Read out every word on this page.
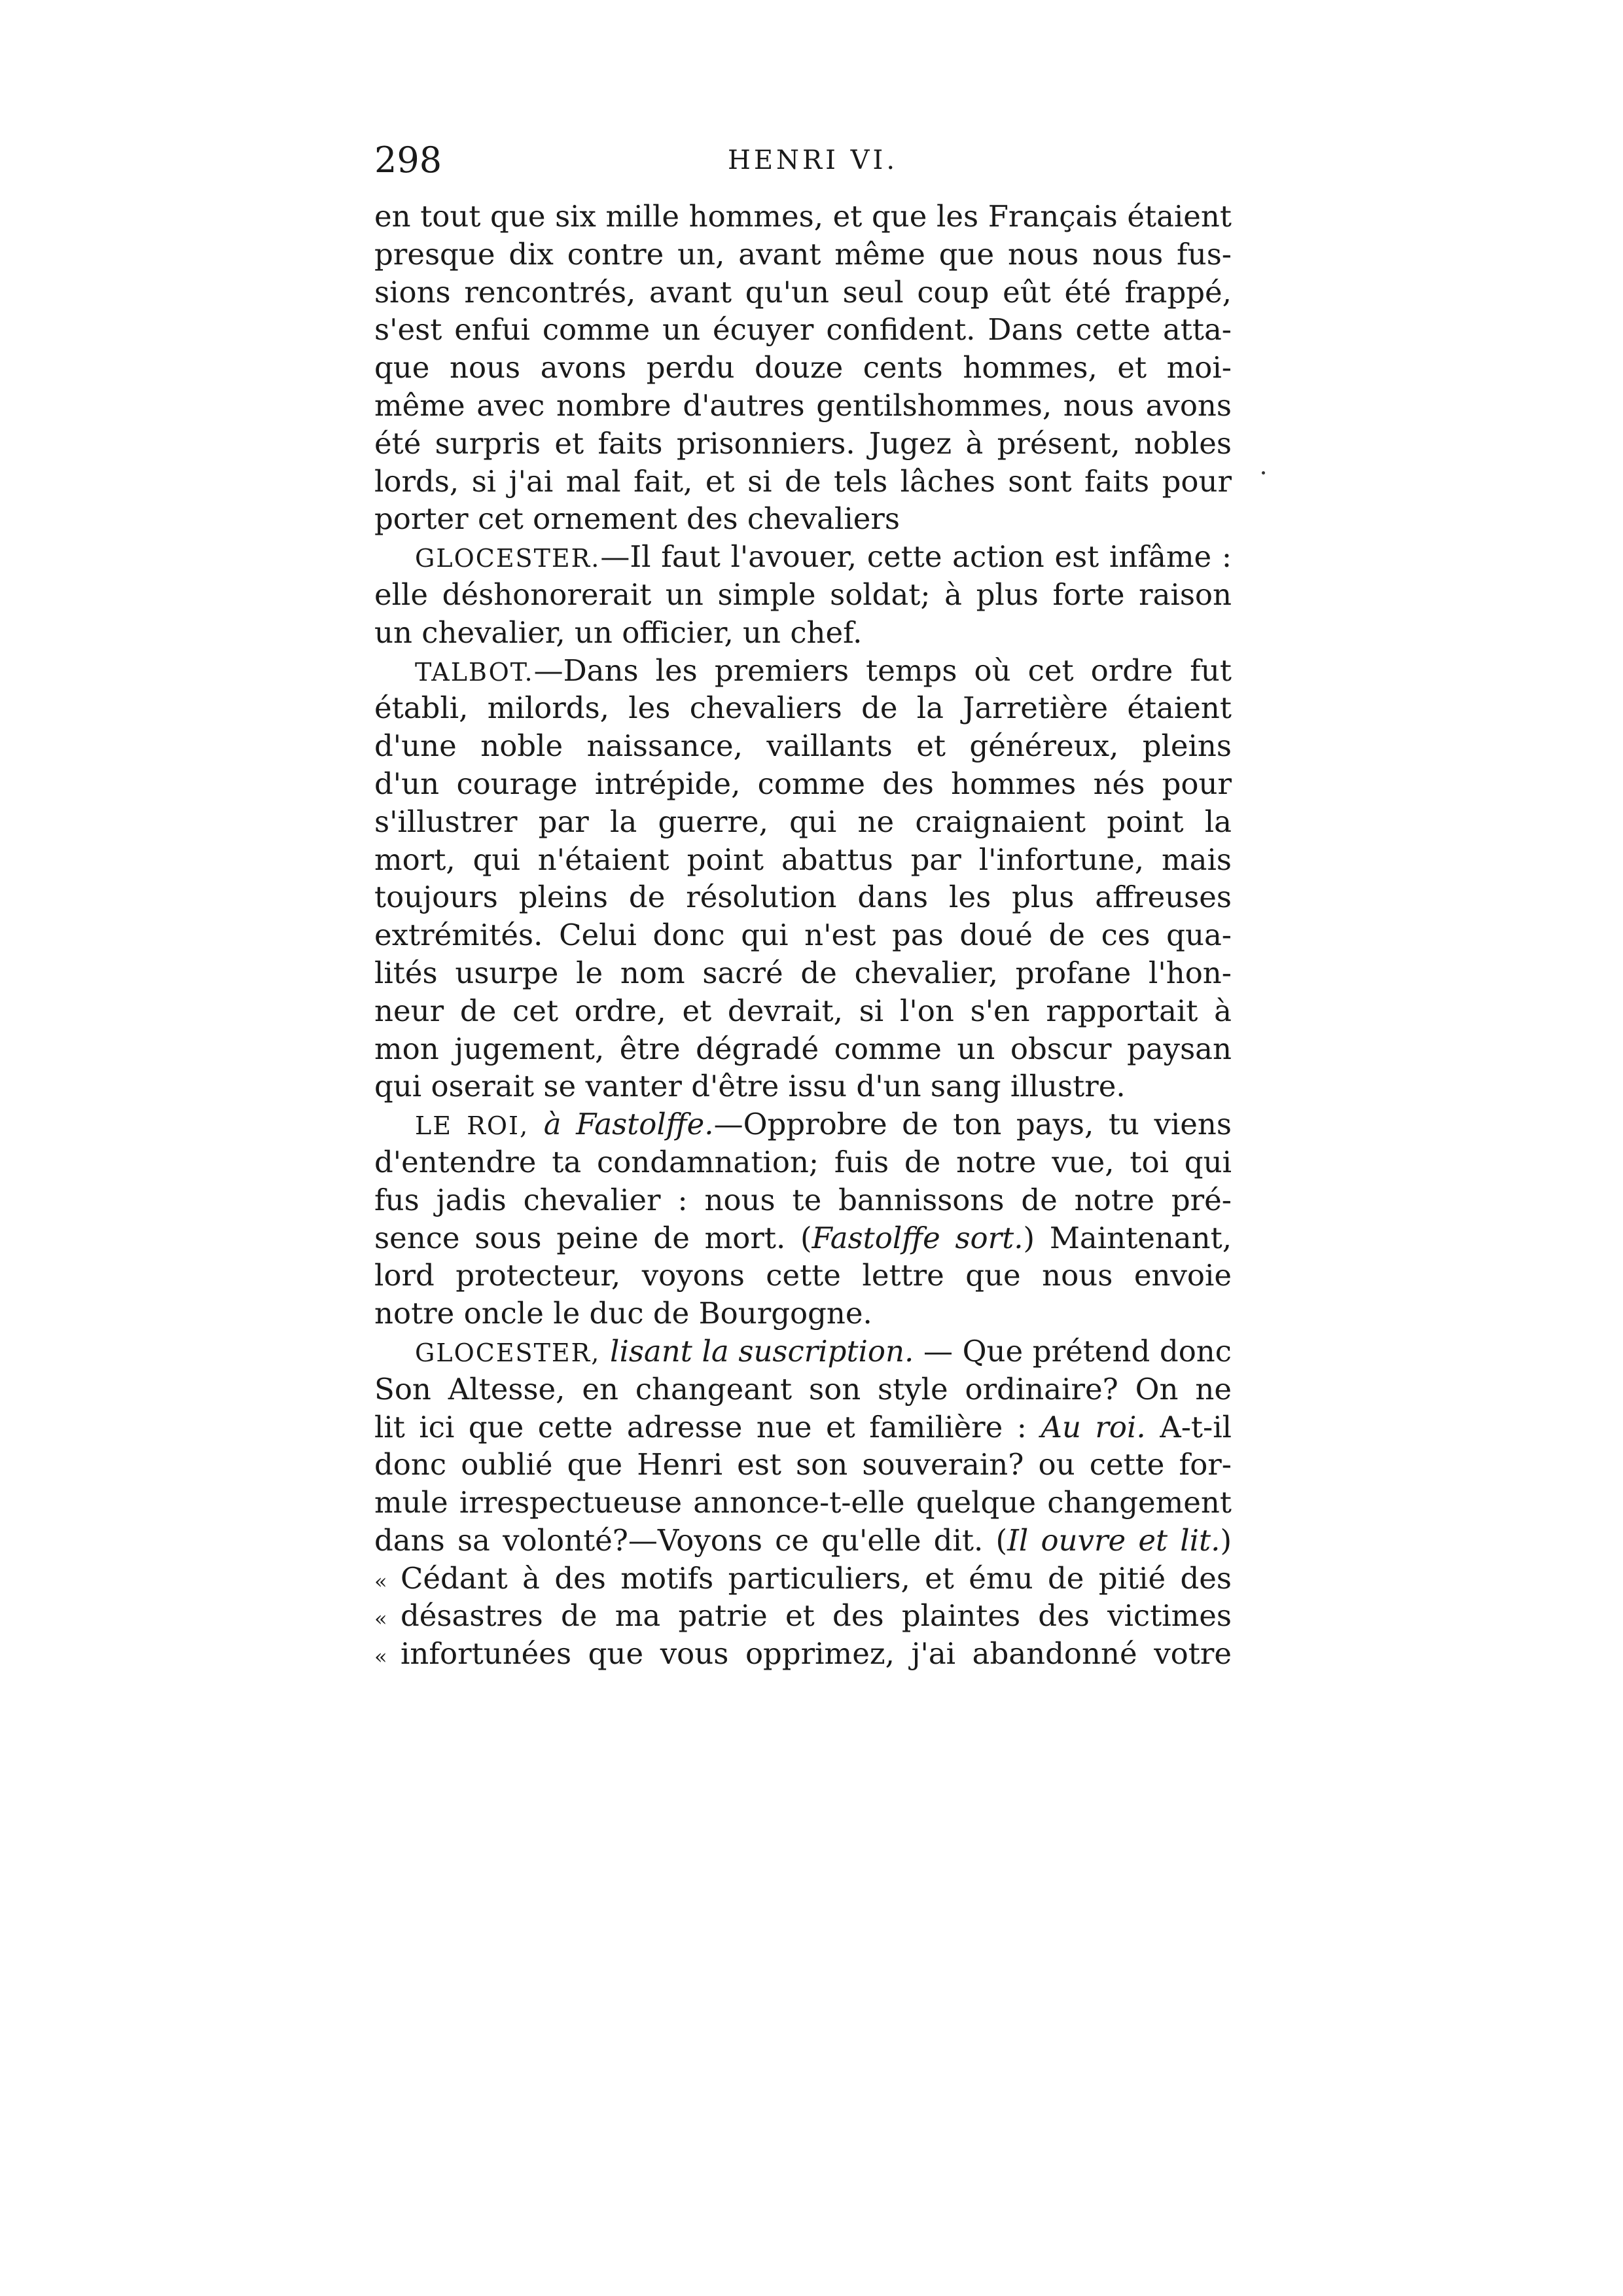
298	HENRI VI.
en tout que six mille hommes, et que les Français étaient
presque dix contre un, avant même que nous nous fus-
sions rencontrés, avant qu'un seul coup eût été frappé,
s'est enfui comme un écuyer confident. Dans cette atta-
que nous avons perdu douze cents hommes, et moi-
même avec nombre d'autres gentilshommes, nous avons
été surpris et faits prisonniers. Jugez à présent, nobles
lords, si j'ai mal fait, et si de tels lâches sont faits pour
porter cet ornement des chevaliers
GLOCESTER.—Il faut l'avouer, cette action est infâme :
elle déshonorerait un simple soldat; à plus forte raison
un chevalier, un officier, un chef.
TALBOT.—Dans les premiers temps où cet ordre fut
établi, milords, les chevaliers de la Jarretière étaient
d'une noble naissance, vaillants et généreux, pleins
d'un courage intrépide, comme des hommes nés pour
s'illustrer par la guerre, qui ne craignaient point la
mort, qui n'étaient point abattus par l'infortune, mais
toujours pleins de résolution dans les plus affreuses
extrémités. Celui donc qui n'est pas doué de ces qua-
lités usurpe le nom sacré de chevalier, profane l'hon-
neur de cet ordre, et devrait, si l'on s'en rapportait à
mon jugement, être dégradé comme un obscur paysan
qui oserait se vanter d'être issu d'un sang illustre.
LE ROI, à Fastolffe.—Opprobre de ton pays, tu viens
d'entendre ta condamnation; fuis de notre vue, toi qui
fus jadis chevalier : nous te bannissons de notre pré-
sence sous peine de mort. (Fastolffe sort.) Maintenant,
lord protecteur, voyons cette lettre que nous envoie
notre oncle le duc de Bourgogne.
GLOCESTER, lisant la suscription. — Que prétend donc
Son Altesse, en changeant son style ordinaire? On ne
lit ici que cette adresse nue et familière : Au roi. A-t-il
donc oublié que Henri est son souverain? ou cette for-
mule irrespectueuse annonce-t-elle quelque changement
dans sa volonté?—Voyons ce qu'elle dit. (Il ouvre et lit.)
« Cédant à des motifs particuliers, et ému de pitié des
« désastres de ma patrie et des plaintes des victimes
« infortunées que vous opprimez, j'ai abandonné votre
